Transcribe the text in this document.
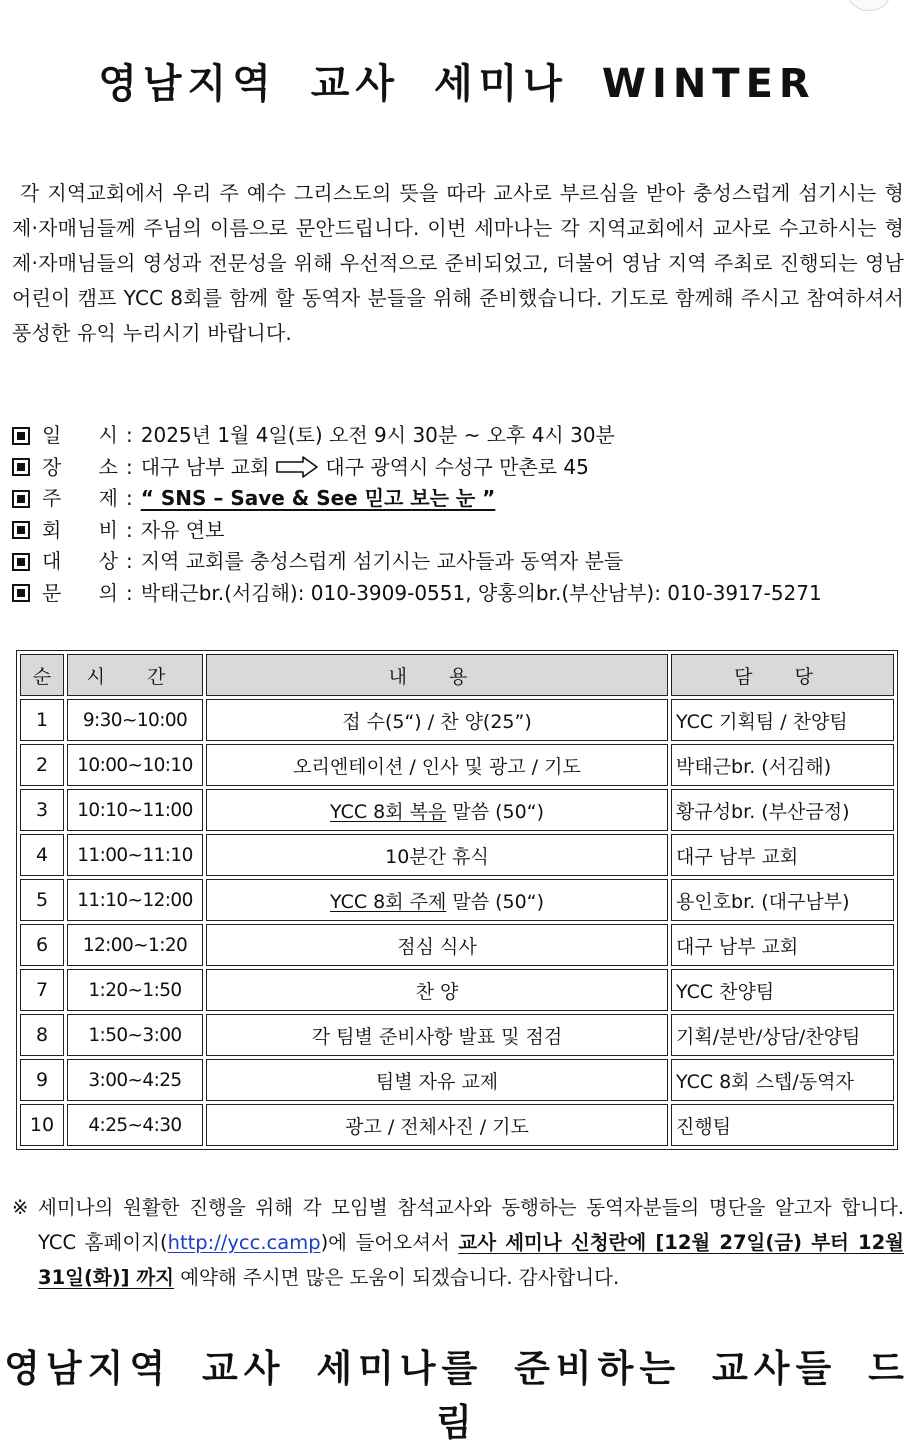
영남지역 교사 세미나 WINTER
각 지역교회에서 우리 주 예수 그리스도의 뜻을 따라 교사로 부르심을 받아 충성스럽게 섬기시는 형제·자매님들께 주님의 이름으로 문안드립니다. 이번 세마나는 각 지역교회에서 교사로 수고하시는 형제·자매님들의 영성과 전문성을 위해 우선적으로 준비되었고, 더불어 영남 지역 주최로 진행되는 영남어린이 캠프 YCC 8회를 함께 할 동역자 분들을 위해 준비했습니다. 기도로 함께해 주시고 참여하셔서 풍성한 유익 누리시기 바랍니다.
일 시 : 2025년 1월 4일(토) 오전 9시 30분 ~ 오후 4시 30분
장 소 : 대구 남부 교회	대구 광역시 수성구 만촌로 45
주 제 : “ SNS – Save & See 믿고 보는 눈 ”
회 비 : 자유 연보
대 상 : 지역 교회를 충성스럽게 섬기시는 교사들과 동역자 분들
문 의 : 박태근br.(서김해): 010-3909-0551, 양홍의br.(부산남부): 010-3917-5271
순	시 간	내 용	담 당
1	9:30~10:00	접 수(5“) / 찬 양(25”)	YCC 기획팀 / 찬양팀
2	10:00~10:10	오리엔테이션 / 인사 및 광고 / 기도	박태근br. (서김해)
3	10:10~11:00	YCC 8회 복음 말씀 (50“)	황규성br. (부산금정)
4	11:00~11:10	10분간 휴식	대구 남부 교회
5	11:10~12:00	YCC 8회 주제 말씀 (50“)	용인호br. (대구남부)
6	12:00~1:20	점심 식사	대구 남부 교회
7	1:20~1:50	찬 양	YCC 찬양팀
8	1:50~3:00	각 팀별 준비사항 발표 및 점검	기획/분반/상담/찬양팀
9	3:00~4:25	팀별 자유 교제	YCC 8회 스텝/동역자
10	4:25~4:30	광고 / 전체사진 / 기도	진행팀
※ 세미나의 원활한 진행을 위해 각 모임별 참석교사와 동행하는 동역자분들의 명단을 알고자 합니다. YCC 홈페이지(http://ycc.camp)에 들어오셔서 교사 세미나 신청란에 [12월 27일(금) 부터 12월 31일(화)] 까지 예약해 주시면 많은 도움이 되겠습니다. 감사합니다.
영남지역 교사 세미나를 준비하는 교사들 드림
